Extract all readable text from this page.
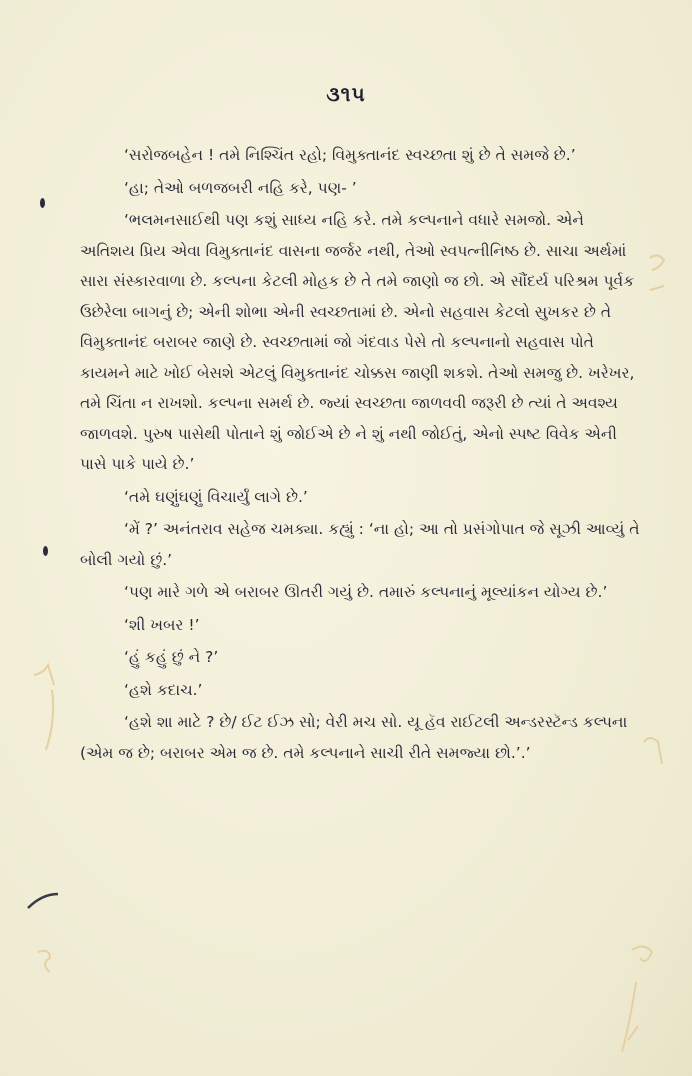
૩૧૫

‘સરોજબહેન ! તમે નિશ્ચિંત રહો; વિમુક્તાનંદ સ્વચ્છતા શું છે તે સમજે છે.’

‘હા; તેઓ બળજબરી નહિ કરે, પણ- ’

‘ભલમનસાઈથી પણ કશું સાધ્ય નહિ કરે. તમે કલ્પનાને વધારે સમજો. એને અતિશય પ્રિય એવા વિમુક્તાનંદ વાસના જર્જર નથી, તેઓ સ્વપત્નીનિષ્ઠ છે. સાચા અર્થમાં સારા સંસ્કારવાળા છે. કલ્પના કેટલી મોહક છે તે તમે જાણો જ છો. એ સૌંદર્ય પરિશ્રમ પૂર્વક ઉછેરેલા બાગનું છે; એની શોભા એની સ્વચ્છતામાં છે. એનો સહવાસ કેટલો સુખકર છે તે વિમુક્તાનંદ બરાબર જાણે છે. સ્વચ્છતામાં જો ગંદવાડ પેસે તો કલ્પનાનો સહવાસ પોતે કાયમને માટે ખોઈ બેસશે એટલું વિમુક્તાનંદ ચોક્કસ જાણી શકશે. તેઓ સમજુ છે. ખરેખર, તમે ચિંતા ન રાખશો. કલ્પના સમર્થ છે. જ્યાં સ્વચ્છતા જાળવવી જરૂરી છે ત્યાં તે અવશ્ય જાળવશે. પુરુષ પાસેથી પોતાને શું જોઈએ છે ને શું નથી જોઈતું, એનો સ્પષ્ટ વિવેક એની પાસે પાકે પાયે છે.’

‘તમે ઘણુંઘણું વિચાર્યું લાગે છે.’

‘મેં ?’ અનંતરાવ સહેજ ચમક્યા. કહ્યું : ‘ના હો; આ તો પ્રસંગોપાત જે સૂઝી આવ્યું તે બોલી ગયો છું.’

‘પણ મારે ગળે એ બરાબર ઊતરી ગયું છે. તમારું કલ્પનાનું મૂલ્યાંકન યોગ્ય છે.’

‘શી ખબર !’

‘હું કહું છું ને ?’

‘હશે કદાચ.’

‘હશે શા માટે ? છે/ ઈટ ઈઝ સો; વેરી મચ સો. યૂ હૅવ રાઈટલી અન્ડરસ્ટૅન્ડ કલ્પના (એમ જ છે; બરાબર એમ જ છે. તમે કલ્પનાને સાચી રીતે સમજ્યા છો.’.’
